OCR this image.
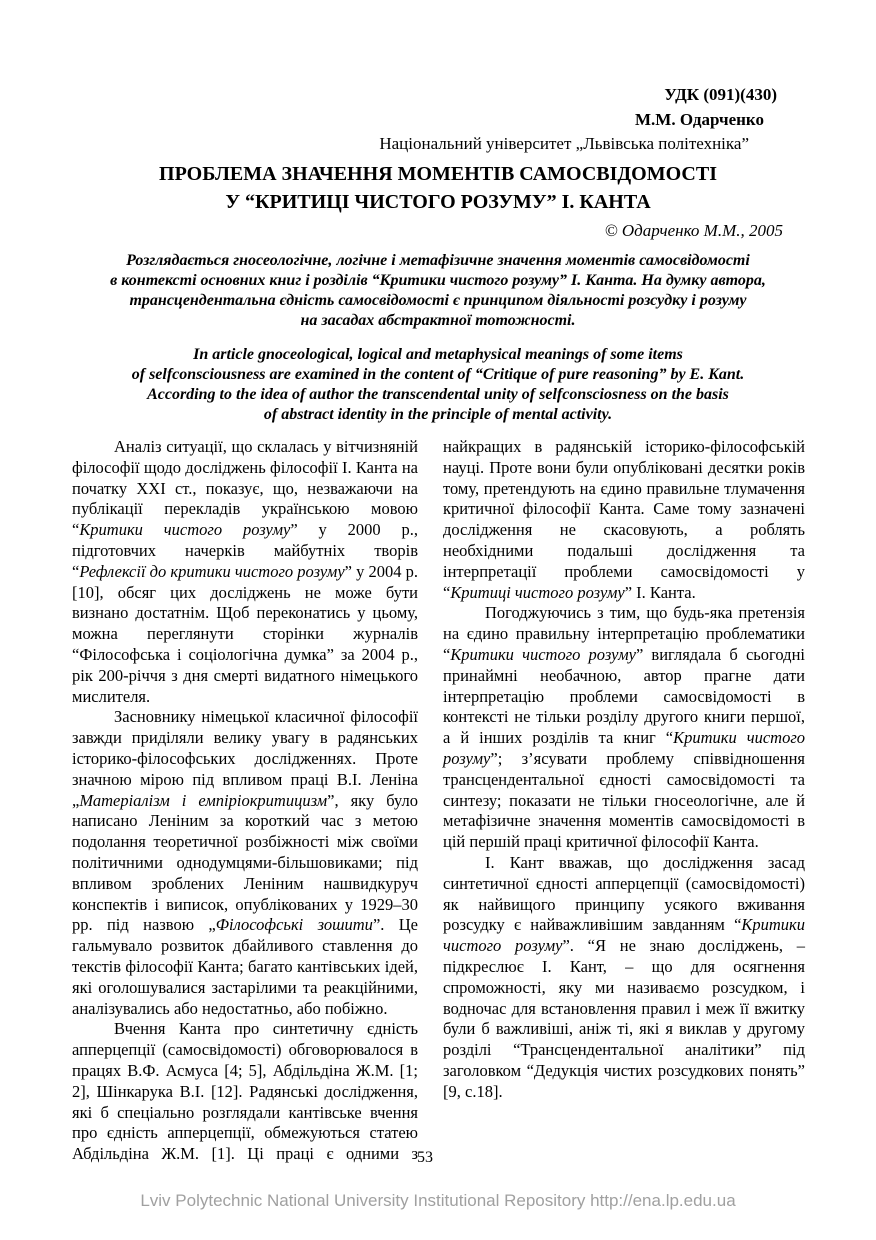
УДК (091)(430)
М.М. Одарченко
Національний університет „Львівська політехніка”
ПРОБЛЕМА ЗНАЧЕННЯ МОМЕНТІВ САМОСВІДОМОСТІ
У “КРИТИЦІ ЧИСТОГО РОЗУМУ” І. КАНТА
© Одарченко М.М., 2005
Розглядається гносеологічне, логічне і метафізичне значення моментів самосвідомості
в контексті основних книг і розділів “Критики чистого розуму” І. Канта. На думку автора,
трансцендентальна єдність самосвідомості є принципом діяльності розсудку і розуму
на засадах абстрактної тотожності.
In article gnoceological, logical and metaphysical meanings of some items
of selfconsciousness are examined in the content of “Critique of pure reasoning” by E. Kant.
According to the idea of author the transcendental unity of selfconsciosness on the basis
of abstract identity in the principle of mental activity.

Аналіз ситуації, що склалась у вітчизняній філософії щодо досліджень філософії І. Канта на початку XXI ст., показує, що, незважаючи на публікації перекладів українською мовою “Критики чистого розуму” у 2000 р., підготовчих начерків майбутніх творів “Рефлексії до критики чистого розуму” у 2004 р. [10], обсяг цих досліджень не може бути визнано достатнім. Щоб переконатись у цьому, можна переглянути сторінки журналів “Філософська і соціологічна думка” за 2004 р., рік 200-річчя з дня смерті видатного німецького мислителя.

Засновнику німецької класичної філософії завжди приділяли велику увагу в радянських історико-філософських дослідженнях. Проте значною мірою під впливом праці В.І. Леніна „Матеріалізм і емпіріокритицизм”, яку було написано Леніним за короткий час з метою подолання теоретичної розбіжності між своїми політичними однодумцями-більшовиками; під впливом зроблених Леніним нашвидкуруч конспектів і виписок, опублікованих у 1929–30 рр. під назвою „Філософські зошити”. Це гальмувало розвиток дбайливого ставлення до текстів філософії Канта; багато кантівських ідей, які оголошувалися застарілими та реакційними, аналізувались або недостатньо, або побіжно.

Вчення Канта про синтетичну єдність апперцепції (самосвідомості) обговорювалося в працях В.Ф. Асмуса [4; 5], Абдільдіна Ж.М. [1; 2], Шінкарука В.І. [12]. Радянські дослідження, які б спеціально розглядали кантівське вчення про єдність апперцепції, обмежуються статею Абдільдіна Ж.М. [1]. Ці праці є одними з

найкращих в радянській історико-філософській науці. Проте вони були опубліковані десятки років тому, претендують на єдино правильне тлумачення критичної філософії Канта. Саме тому зазначені дослідження не скасовують, а роблять необхідними подальші дослідження та інтерпретації проблеми самосвідомості у “Критиці чистого розуму” І. Канта.

Погоджуючись з тим, що будь-яка претензія на єдино правильну інтерпретацію проблематики “Критики чистого розуму” виглядала б сьогодні принаймні необачною, автор прагне дати інтерпретацію проблеми самосвідомості в контексті не тільки розділу другого книги першої, а й інших розділів та книг “Критики чистого розуму”; з’ясувати проблему співвідношення трансцендентальної єдності самосвідомості та синтезу; показати не тільки гносеологічне, але й метафізичне значення моментів самосвідомості в цій першій праці критичної філософії Канта.

І. Кант вважав, що дослідження засад синтетичної єдності апперцепції (самосвідомості) як найвищого принципу усякого вживання розсудку є найважливішим завданням “Критики чистого розуму”. “Я не знаю досліджень, – підкреслює І. Кант, – що для осягнення спроможності, яку ми називаємо розсудком, і водночас для встановлення правил і меж її вжитку були б важливіші, аніж ті, які я виклав у другому розділі “Трансцендентальної аналітики” під заголовком “Дедукція чистих розсудкових понять” [9, с.18].

53
Lviv Polytechnic National University Institutional Repository http://ena.lp.edu.ua
